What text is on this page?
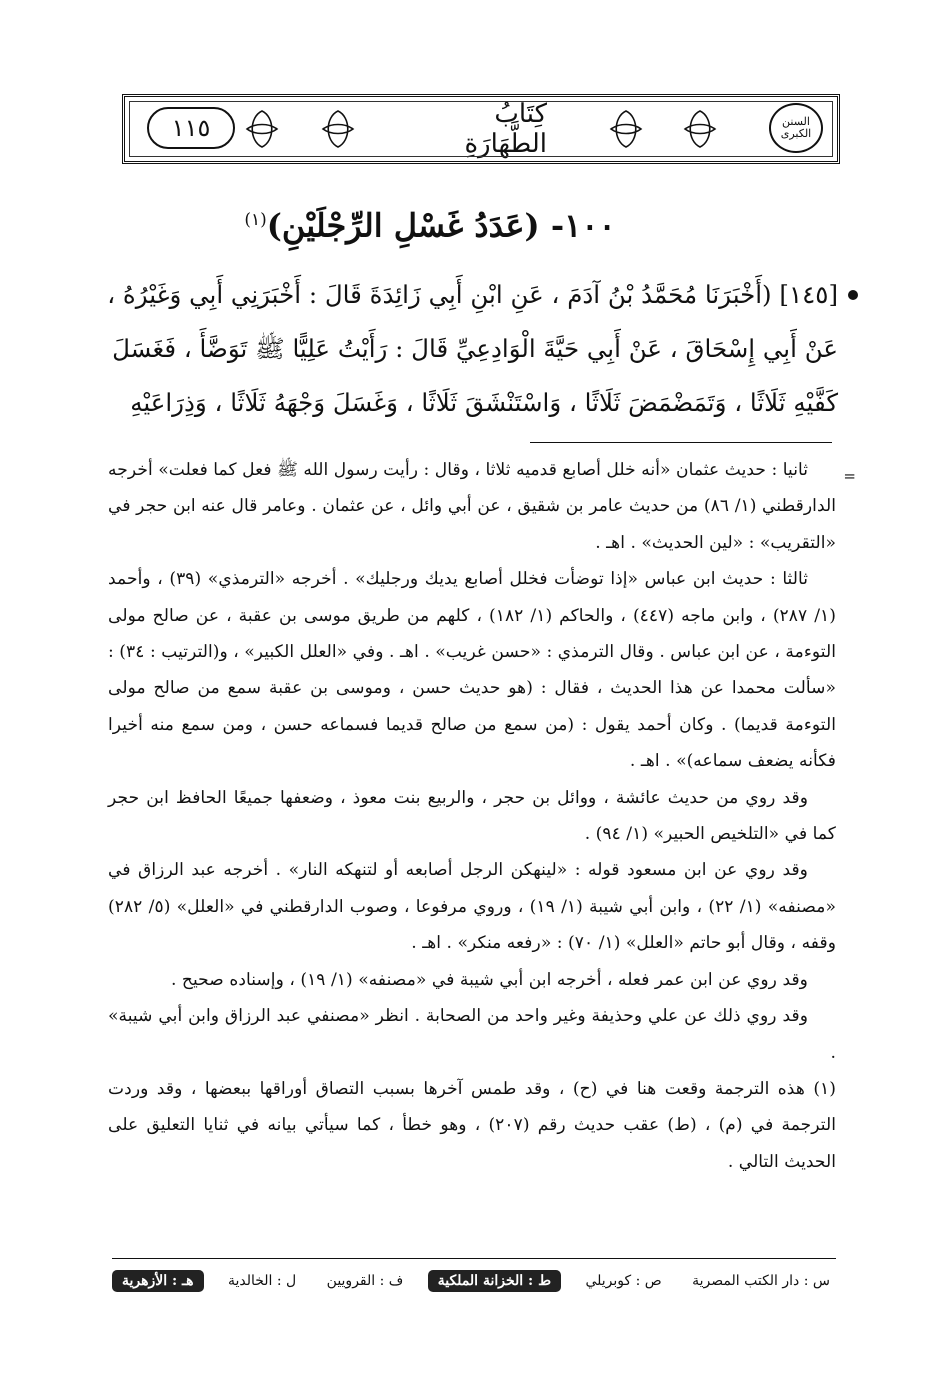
السنن الكبرى
كِتَابُ الطَّهَارَةِ
١١٥
١٠٠- (عَدَدُ غَسْلِ الرِّجْلَيْنِ)$^{(١)}$

[١٤٥] (أَخْبَرَنَا مُحَمَّدُ بْنُ آدَمَ ، عَنِ ابْنِ أَبِي زَائِدَةَ قَالَ : أَخْبَرَنِي أَبِي وَغَيْرُهُ ،

عَنْ أَبِي إِسْحَاقَ ، عَنْ أَبِي حَيَّةَ الْوَادِعِيِّ قَالَ : رَأَيْتُ عَلِيًّا ﷺ تَوَضَّأَ ، فَغَسَلَ

كَفَّيْهِ ثَلَاثًا ، وَتَمَضْمَضَ ثَلَاثًا ، وَاسْتَنْشَقَ ثَلَاثًا ، وَغَسَلَ وَجْهَهُ ثَلَاثًا ، وَذِرَاعَيْهِ

=

ثانيا : حديث عثمان «أنه خلل أصابع قدميه ثلاثا ، وقال : رأيت رسول الله ﷺ فعل كما فعلت» أخرجه الدارقطني (١/ ٨٦) من حديث عامر بن شقيق ، عن أبي وائل ، عن عثمان . وعامر قال عنه ابن حجر في «التقريب» : «لين الحديث» . اهـ .

ثالثا : حديث ابن عباس «إذا توضأت فخلل أصابع يديك ورجليك» . أخرجه «الترمذي» (٣٩) ، وأحمد (١/ ٢٨٧) ، وابن ماجه (٤٤٧) ، والحاكم (١/ ١٨٢) ، كلهم من طريق موسى بن عقبة ، عن صالح مولى التوءمة ، عن ابن عباس . وقال الترمذي : «حسن غريب» . اهـ . وفي «العلل الكبير» ، و(الترتيب : ٣٤) : «سألت محمدا عن هذا الحديث ، فقال : (هو حديث حسن ، وموسى بن عقبة سمع من صالح مولى التوءمة قديما) . وكان أحمد يقول : (من سمع من صالح قديما فسماعه حسن ، ومن سمع منه أخيرا فكأنه يضعف سماعه)» . اهـ .

وقد روي من حديث عائشة ، ووائل بن حجر ، والربيع بنت معوذ ، وضعفها جميعًا الحافظ ابن حجر كما في «التلخيص الحبير» (١/ ٩٤) .

وقد روي عن ابن مسعود قوله : «لينهكن الرجل أصابعه أو لتنهكه النار» . أخرجه عبد الرزاق في «مصنفه» (١/ ٢٢) ، وابن أبي شيبة (١/ ١٩) ، وروي مرفوعا ، وصوب الدارقطني في «العلل» (٥/ ٢٨٢) وقفه ، وقال أبو حاتم «العلل» (١/ ٧٠) : «رفعه منكر» . اهـ .

وقد روي عن ابن عمر فعله ، أخرجه ابن أبي شيبة في «مصنفه» (١/ ١٩) ، وإسناده صحيح .

وقد روي ذلك عن علي وحذيفة وغير واحد من الصحابة . انظر «مصنفي عبد الرزاق وابن أبي شيبة» .

(١) هذه الترجمة وقعت هنا في (ح) ، وقد طمس آخرها بسبب التصاق أوراقها ببعضها ، وقد وردت الترجمة في (م) ، (ط) عقب حديث رقم (٢٠٧) ، وهو خطأ ، كما سيأتي بيانه في ثنايا التعليق على الحديث التالي .

س : دار الكتب المصرية
ص : كوبريلي
ط : الخزانة الملكية
ف : القرويين
ل : الخالدية
هـ : الأزهرية
